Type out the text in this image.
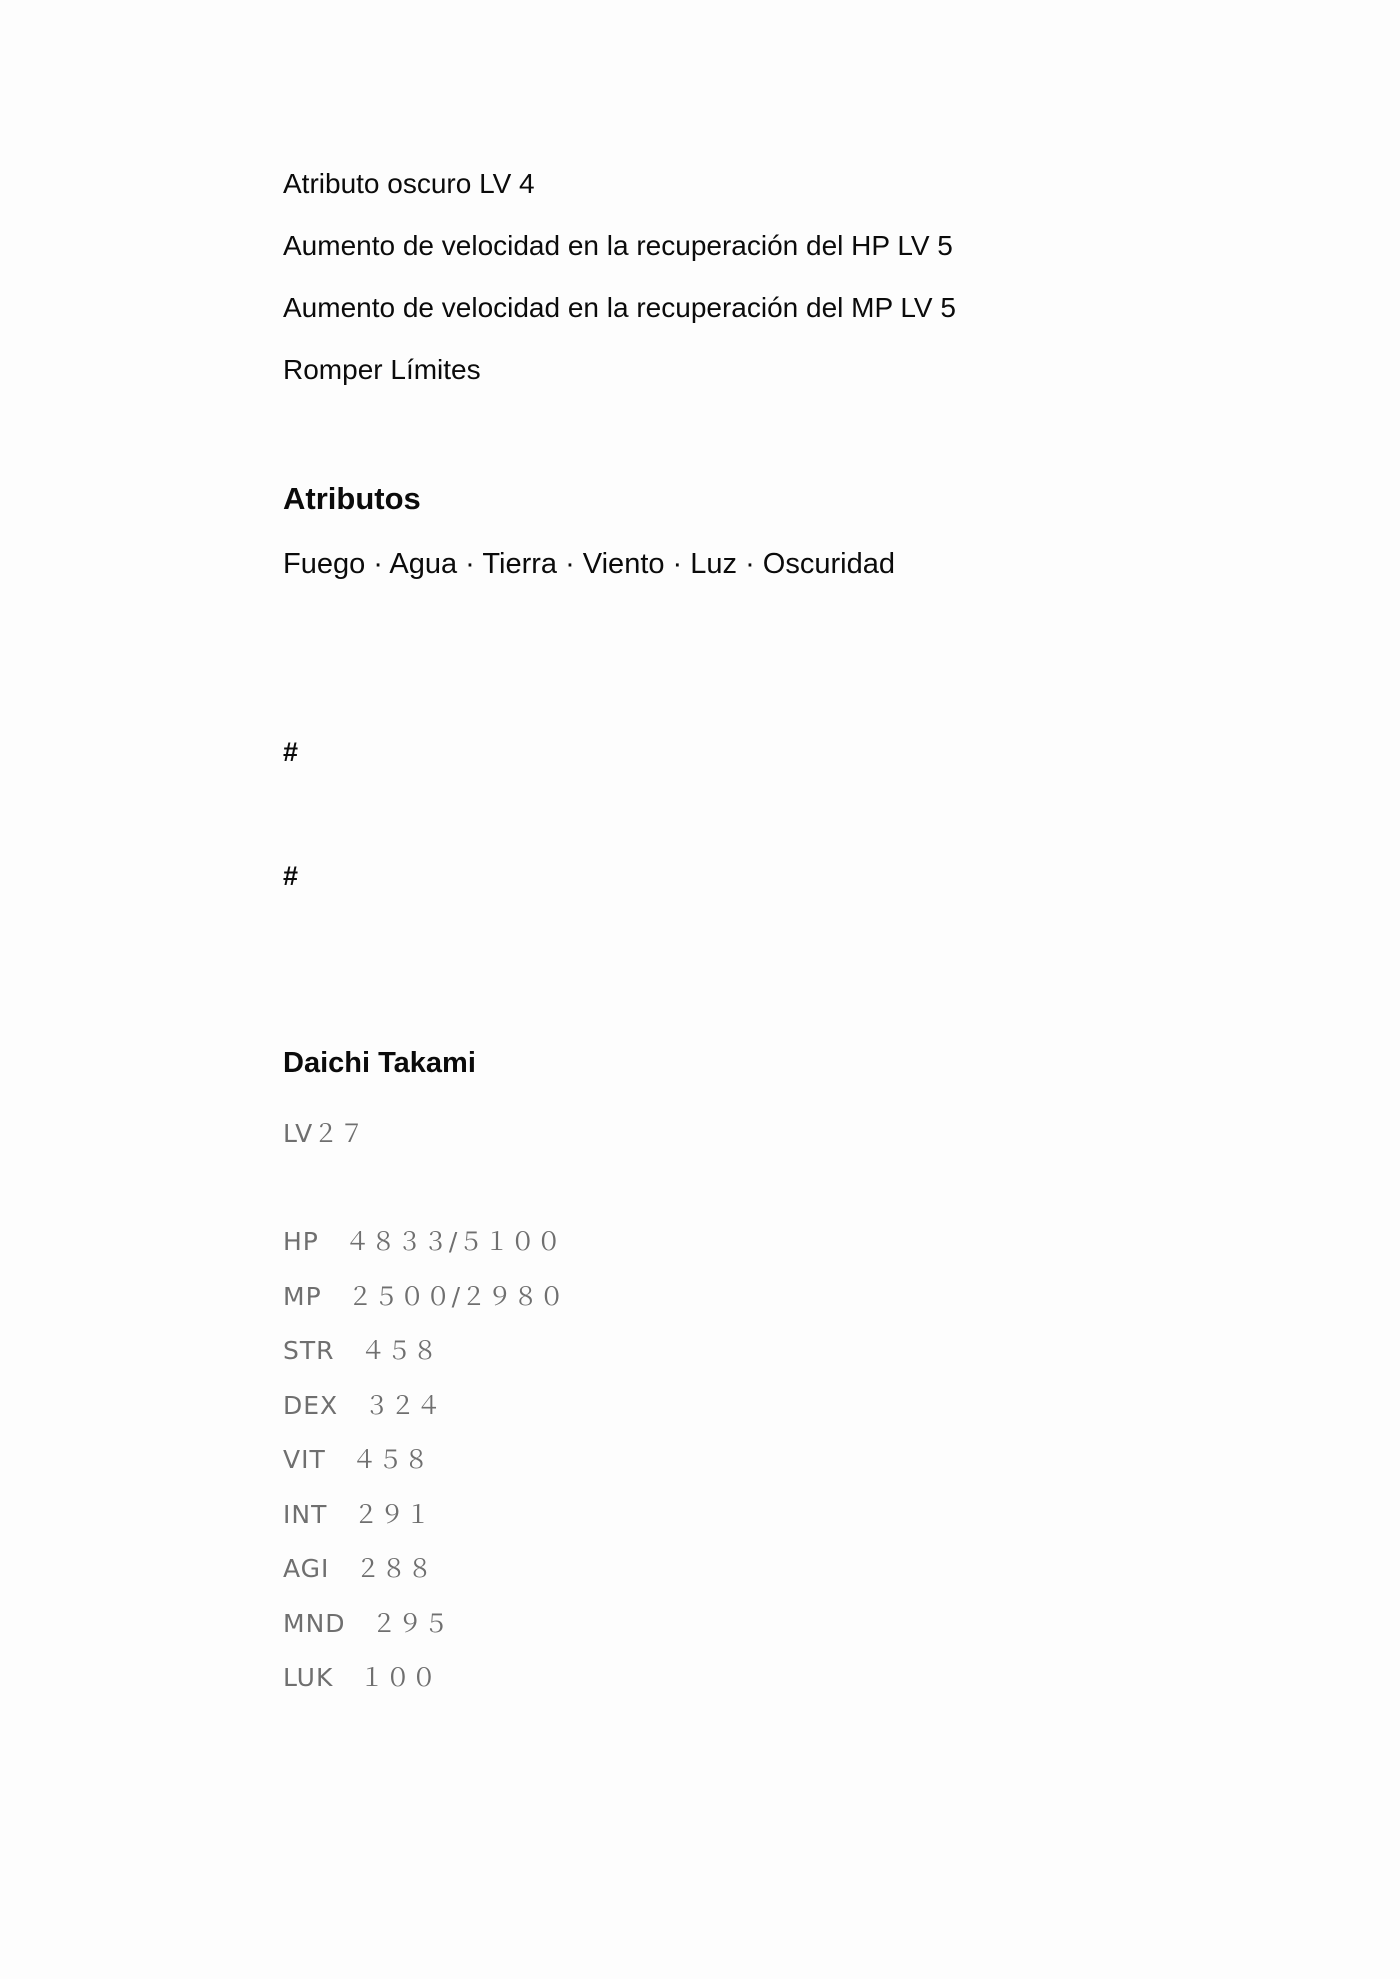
Atributo oscuro LV 4

Aumento de velocidad en la recuperación del HP LV 5

Aumento de velocidad en la recuperación del MP LV 5

Romper Límites

Atributos

Fuego · Agua · Tierra · Viento · Luz · Oscuridad

#

#

Daichi Takami

LV２７

HP　４８３３/５１００

MP　２５００/２９８０

STR　４５８

DEX　３２４

VIT　４５８

INT　２９１

AGI　２８８

MND　２９５

LUK　１００
